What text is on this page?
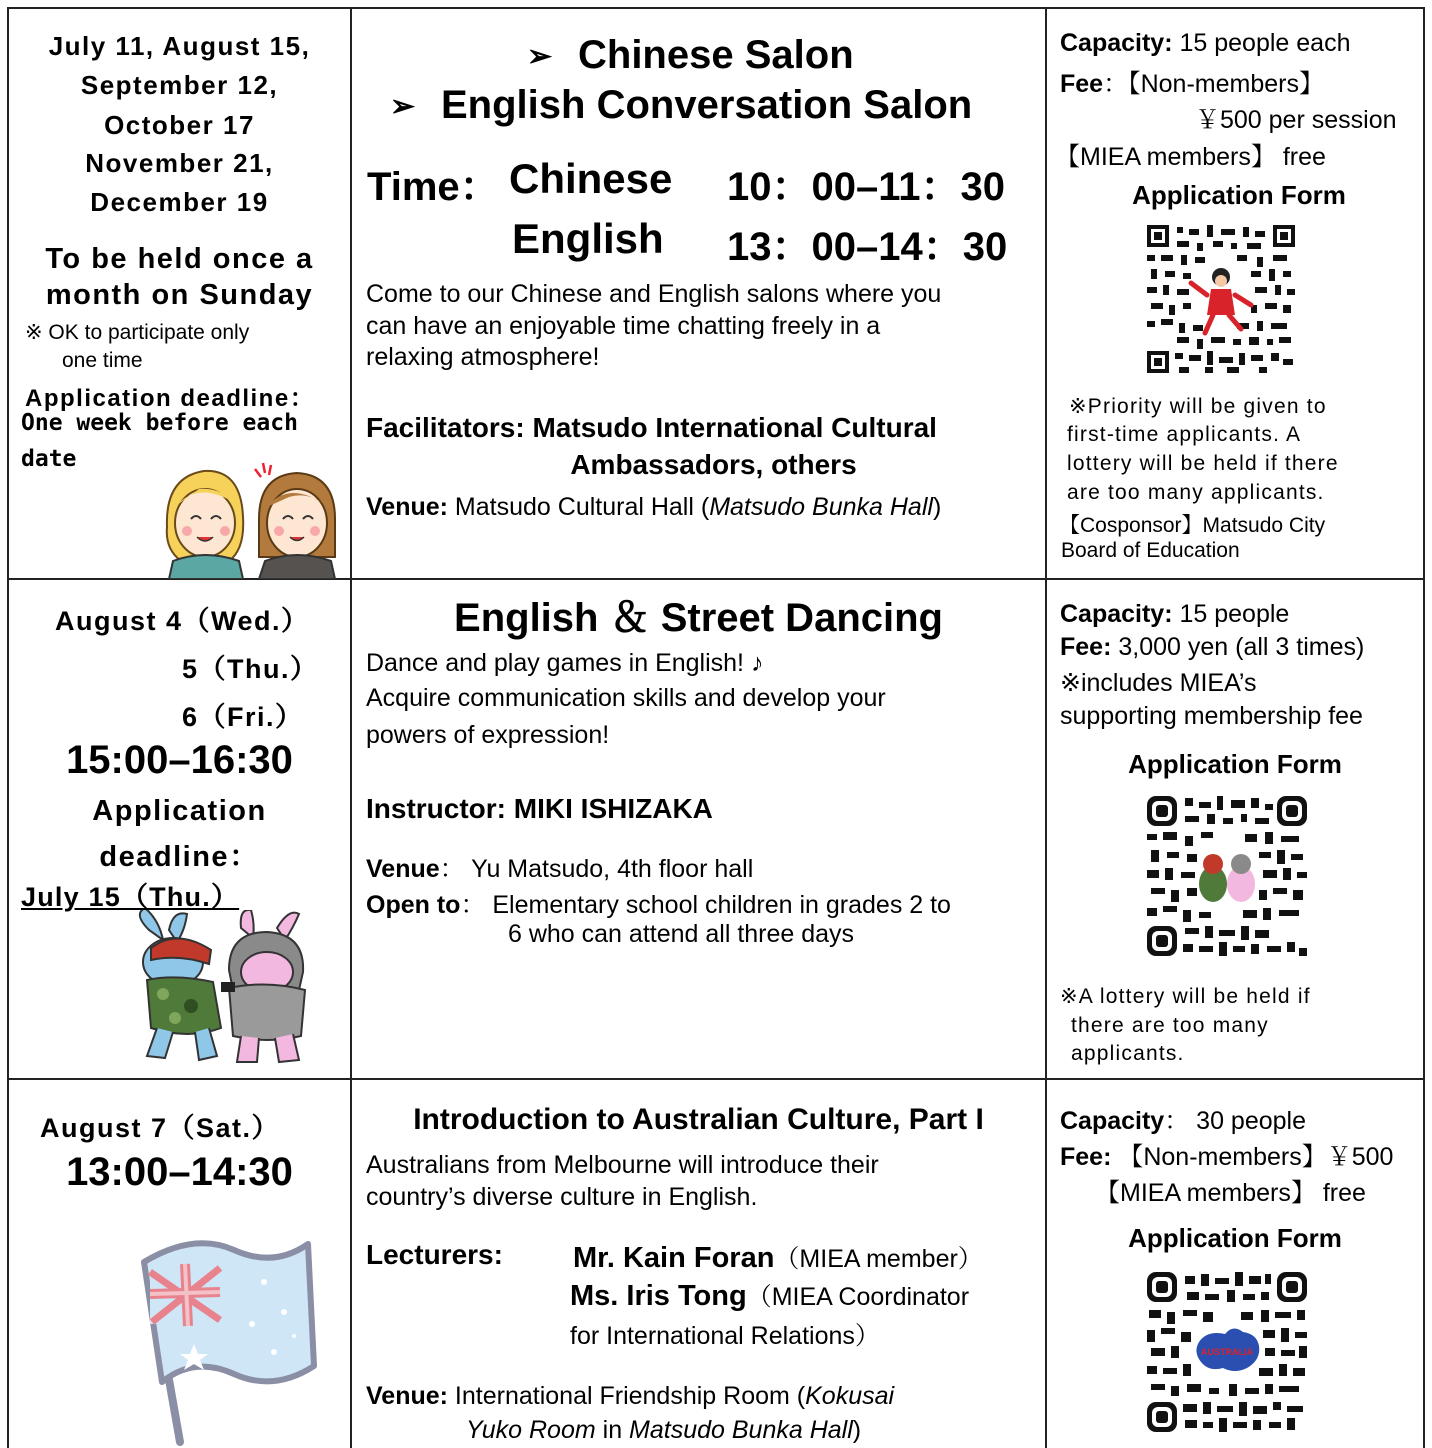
July 11, August 15,
September 12,
October 17
November 21,
December 19
To be held once a
month on Sunday
※ OK to participate only
one time
Application deadline：
One week before each
date
➢ Chinese Salon
➢ English Conversation Salon
Time： Chinese 10：00–11：30
English 13：00–14：30
Come to our Chinese and English salons where you
can have an enjoyable time chatting freely in a
relaxing atmosphere!
Facilitators: Matsudo International Cultural
Ambassadors, others
Venue: Matsudo Cultural Hall (Matsudo Bunka Hall)
Capacity: 15 people each
Fee：【Non-members】
￥500 per session
【MIEA members】 free
Application Form
※Priority will be given to
first-time applicants. A
lottery will be held if there
are too many applicants.
【Cosponsor】Matsudo City
Board of Education
August 4（Wed.）
5（Thu.）
6（Fri.）
15:00–16:30
Application
deadline：
July 15（Thu.）
English ＆ Street Dancing
Dance and play games in English! ♪
Acquire communication skills and develop your
powers of expression!
Instructor: MIKI ISHIZAKA
Venue： Yu Matsudo, 4th floor hall
Open to： Elementary school children in grades 2 to
6 who can attend all three days
Capacity: 15 people
Fee: 3,000 yen (all 3 times)
※includes MIEA’s
supporting membership fee
Application Form
※A lottery will be held if
there are too many
applicants.
August 7（Sat.）
13:00–14:30
Introduction to Australian Culture, Part I
Australians from Melbourne will introduce their
country’s diverse culture in English.
Lecturers: Mr. Kain Foran（MIEA member）
Ms. Iris Tong（MIEA Coordinator
for International Relations）
Venue: International Friendship Room (Kokusai
Yuko Room in Matsudo Bunka Hall)
Capacity： 30 people
Fee: 【Non-members】￥500
【MIEA members】 free
Application Form
AUSTRALIA
